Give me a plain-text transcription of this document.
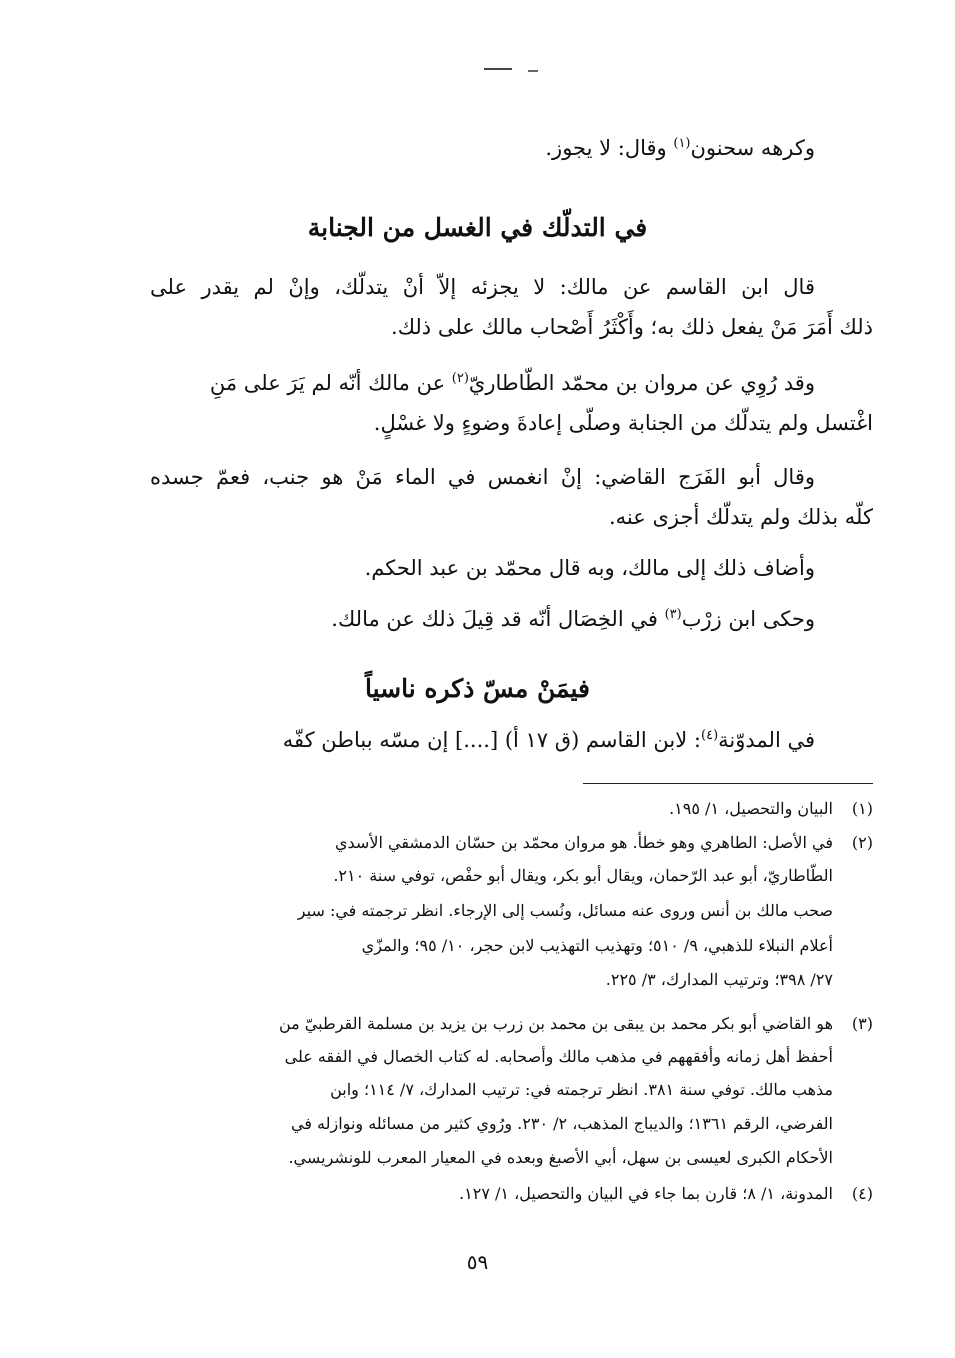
وكرهه سحنون$^{(١)}$ وقال: لا يجوز.
في التدلّك في الغسل من الجنابة
قال ابن القاسم عن مالك: لا يجزئه إلاّ أنْ يتدلّك، وإنْ لم يقدر على
ذلك أَمَرَ مَنْ يفعل ذلك به؛ وأَكْثَرُ أَصْحاب مالك على ذلك.
وقد رُوِي عن مروان بن محمّد الطّاطاريّ$^{(٢)}$ عن مالك أنّه لم يَرَ على مَنِ
اغْتسل ولم يتدلّك من الجنابة وصلّى إعادةَ وضوءٍ ولا غسْلٍ.
وقال أبو الفَرَج القاضي: إنْ انغمس في الماء مَنْ هو جنب، فعمّ جسده
كلّه بذلك ولم يتدلّك أجزى عنه.
وأضاف ذلك إلى مالك، وبه قال محمّد بن عبد الحكم.
وحكى ابن زرْب$^{(٣)}$ في الخِصَال أنّه قد قِيلَ ذلك عن مالك.
فيمَنْ مسّ ذكره ناسياً
في المدوّنة$^{(٤)}$: لابن القاسم (ق ١٧ أ) [....] إن مسّه بباطن كفّه
(١)البيان والتحصيل، ١/ ١٩٥.
(٢)في الأصل: الطاهري وهو خطأ. هو مروان محمّد بن حسّان الدمشقي الأسدي
الطّاطاريّ، أبو عبد الرّحمان، ويقال أبو بكر، ويقال أبو حفْص، توفي سنة ٢١٠.
صحب مالك بن أنس وروى عنه مسائل، ونُسب إلى الإرجاء. انظر ترجمته في: سير
أعلام النبلاء للذهبي، ٩/ ٥١٠؛ وتهذيب التهذيب لابن حجر، ١٠/ ٩٥؛ والمزّي
٢٧/ ٣٩٨؛ وترتيب المدارك، ٣/ ٢٢٥.
(٣)هو القاضي أبو بكر محمد بن يبقى بن محمد بن زرب بن يزيد بن مسلمة القرطبيّ من
أحفظ أهل زمانه وأفقههم في مذهب مالك وأصحابه. له كتاب الخصال في الفقه على
مذهب مالك. توفي سنة ٣٨١. انظر ترجمته في: ترتيب المدارك، ٧/ ١١٤؛ وابن
الفرضي، الرقم ١٣٦١؛ والديباج المذهب، ٢/ ٢٣٠. ورُوي كثير من مسائله ونوازله في
الأحكام الكبرى لعيسى بن سهل، أبي الأصبغ وبعده في المعيار المعرب للونشريسي.
(٤)المدونة، ١/ ٨؛ قارن بما جاء في البيان والتحصيل، ١/ ١٢٧.
٥٩
